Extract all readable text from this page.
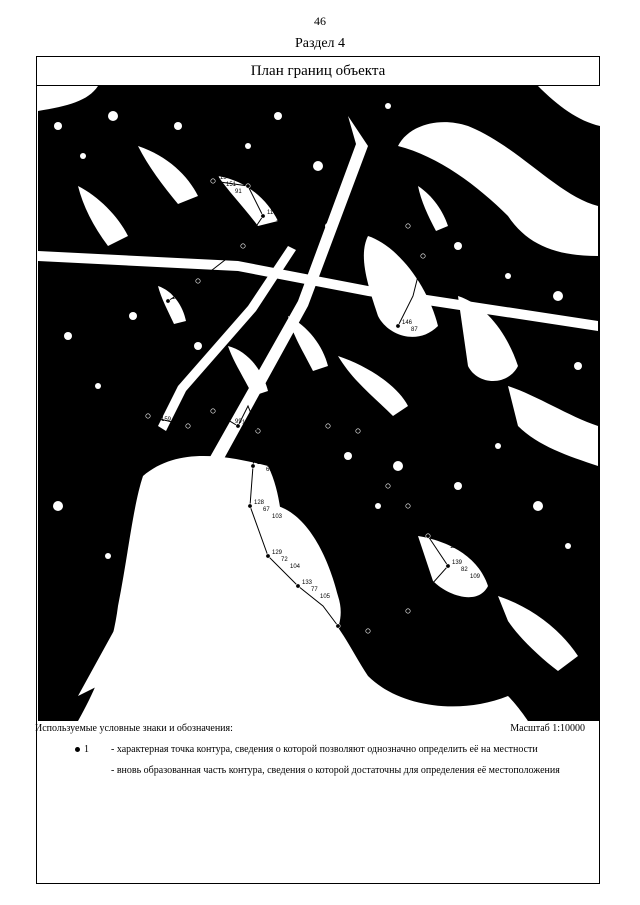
46
Раздел 4
План границ объекта
113
116
117
118
119
120
121
123
124
125
126
127
128
129
133
134
137
138
139
140
141
142
143
146
148
149
150
151
152
153
155
157
158
159
62
63
64
65
66
67
72
77
79
80
81
82
83
84
85
86
87
88
89
90
91
92
93
94
95
96
97
98
99
100
101
102
103
104
105
106
107
108
109
110
Используемые условные знаки и обозначения:	Масштаб 1:10000
1 - характерная точка контура, сведения о которой позволяют однозначно определить её на местности
- вновь образованная часть контура, сведения о которой достаточны для определения её местоположения
